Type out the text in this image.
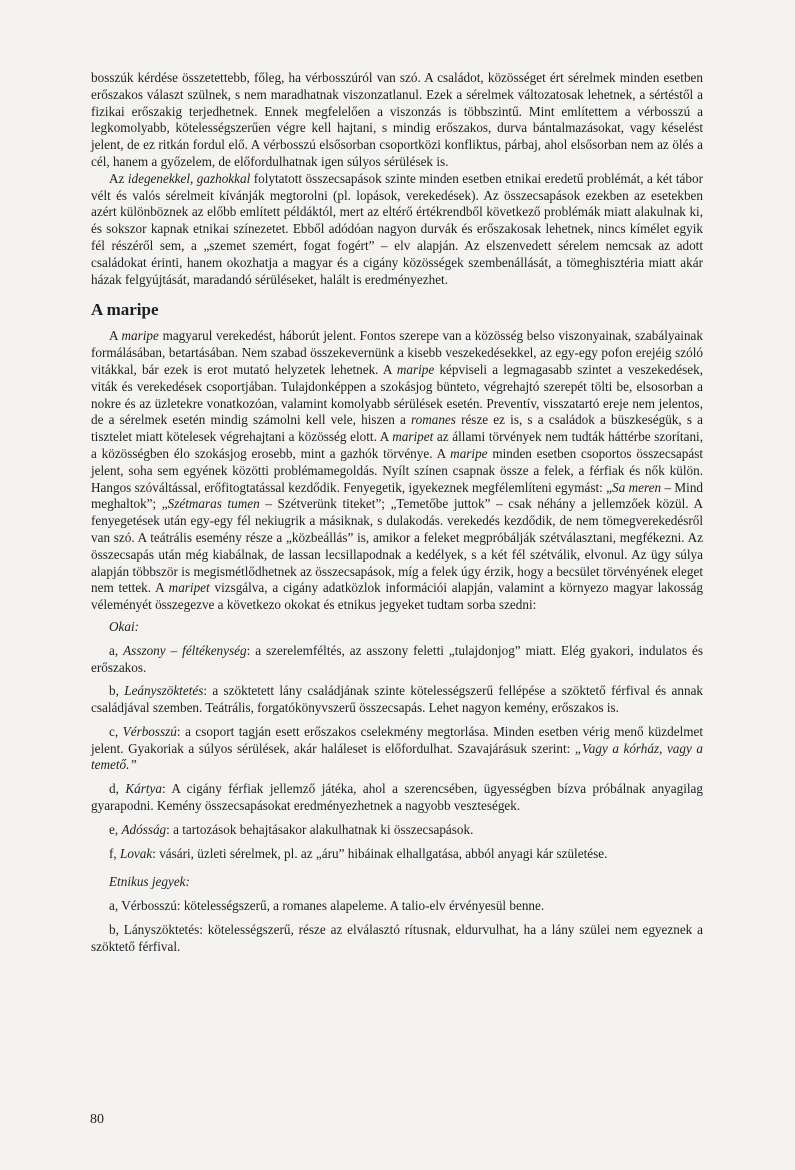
bosszúk kérdése összetettebb, főleg, ha vérbosszúról van szó. A családot, közösséget ért sérelmek minden esetben erőszakos választ szülnek, s nem maradhatnak viszonzatlanul. Ezek a sérelmek változatosak lehetnek, a sértéstől a fizikai erőszakig terjedhetnek. Ennek megfelelően a viszonzás is többszintű. Mint említettem a vérbosszú a legkomolyabb, kötelességszerűen végre kell hajtani, s mindig erőszakos, durva bántalmazásokat, vagy késelést jelent, de ez ritkán fordul elő. A vérbosszú elsősorban csoportközi konfliktus, párbaj, ahol elsősorban nem az ölés a cél, hanem a győzelem, de előfordulhatnak igen súlyos sérülések is.

Az idegenekkel, gazhokkal folytatott összecsapások szinte minden esetben etnikai eredetű problémát, a két tábor vélt és valós sérelmeit kívánják megtorolni (pl. lopások, verekedések). Az összecsapások ezekben az esetekben azért különböznek az előbb említett példáktól, mert az eltérő értékrendből következő problémák miatt alakulnak ki, és sokszor kapnak etnikai színezetet. Ebből adódóan nagyon durvák és erőszakosak lehetnek, nincs kímélet egyik fél részéről sem, a „szemet szemért, fogat fogért” – elv alapján. Az elszenvedett sérelem nemcsak az adott családokat érinti, hanem okozhatja a magyar és a cigány közösségek szembenállását, a tömeghisztéria miatt akár házak felgyújtását, maradandó sérüléseket, halált is eredményezhet.

A maripe

A maripe magyarul verekedést, háborút jelent. Fontos szerepe van a közösség belso viszonyainak, szabályainak formálásában, betartásában. Nem szabad összekevernünk a kisebb veszekedésekkel, az egy-egy pofon erejéig szóló vitákkal, bár ezek is erot mutató helyzetek lehetnek. A maripe képviseli a legmagasabb szintet a veszekedések, viták és verekedések csoportjában. Tulajdonképpen a szokásjog bünteto, végrehajtó szerepét tölti be, elsosorban a nokre és az üzletekre vonatkozóan, valamint komolyabb sérülések esetén. Preventív, visszatartó ereje nem jelentos, de a sérelmek esetén mindig számolni kell vele, hiszen a romanes része ez is, s a családok a büszkeségük, s a tisztelet miatt kötelesek végrehajtani a közösség elott. A maripet az állami törvények nem tudták háttérbe szorítani, a közösségben élo szokásjog erosebb, mint a gazhók törvénye. A maripe minden esetben csoportos összecsapást jelent, soha sem egyének közötti problémamegoldás. Nyílt színen csapnak össze a felek, a férfiak és nők külön. Hangos szóváltással, erőfitogtatással kezdődik. Fenyegetik, igyekeznek megfélemlíteni egymást: „Sa meren – Mind meghaltok”; „Szétmaras tumen – Szétverünk titeket”; „Temetőbe juttok” – csak néhány a jellemzőek közül. A fenyegetések után egy-egy fél nekiugrik a másiknak, s dulakodás. verekedés kezdődik, de nem tömegverekedésről van szó. A teátrális esemény része a „közbeállás” is, amikor a feleket megpróbálják szétválasztani, megfékezni. Az összecsapás után még kiabálnak, de lassan lecsillapodnak a kedélyek, s a két fél szétválik, elvonul. Az ügy súlya alapján többször is megismétlődhetnek az összecsapások, míg a felek úgy érzik, hogy a becsület törvényének eleget nem tettek. A maripet vizsgálva, a cigány adatközlok információi alapján, valamint a környezo magyar lakosság véleményét összegezve a következo okokat és etnikus jegyeket tudtam sorba szedni:

Okai:

a, Asszony – féltékenység: a szerelemféltés, az asszony feletti „tulajdonjog” miatt. Elég gyakori, indulatos és erőszakos.

b, Leányszöktetés: a szöktetett lány családjának szinte kötelességszerű fellépése a szöktető férfival és annak családjával szemben. Teátrális, forgatókönyvszerű összecsapás. Lehet nagyon kemény, erőszakos is.

c, Vérbosszú: a csoport tagján esett erőszakos cselekmény megtorlása. Minden esetben vérig menő küzdelmet jelent. Gyakoriak a súlyos sérülések, akár haláleset is előfordulhat. Szavajárásuk szerint: „Vagy a kórház, vagy a temető.”

d, Kártya: A cigány férfiak jellemző játéka, ahol a szerencsében, ügyességben bízva próbálnak anyagilag gyarapodni. Kemény összecsapásokat eredményezhetnek a nagyobb veszteségek.

e, Adósság: a tartozások behajtásakor alakulhatnak ki összecsapások.

f, Lovak: vásári, üzleti sérelmek, pl. az „áru” hibáinak elhallgatása, abból anyagi kár születése.

Etnikus jegyek:

a, Vérbosszú: kötelességszerű, a romanes alapeleme. A talio-elv érvényesül benne.

b, Lányszöktetés: kötelességszerű, része az elválasztó rítusnak, eldurvulhat, ha a lány szülei nem egyeznek a szöktető férfival.

80
